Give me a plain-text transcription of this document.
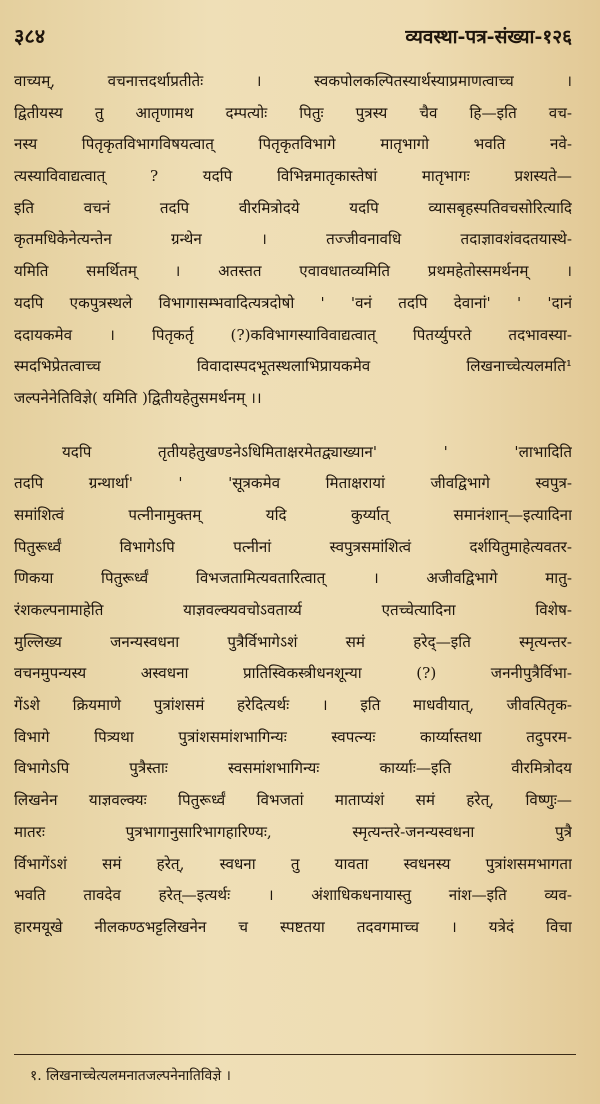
३८४	व्यवस्था-पत्र-संख्या-१२६
वाच्यम्, वचनात्तदर्थाप्रतीतेः । स्वकपोलकल्पितस्यार्थस्याप्रमाणत्वाच्च ।
द्वितीयस्य तु आतृणामथ दम्पत्योः पितुः पुत्रस्य चैव हि—इति वच-
नस्य पितृकृतविभागविषयत्वात् पितृकृतविभागे मातृभागो भवति नवे-
त्यस्याविवाद्यत्वात् ? यदपि विभिन्नमातृकास्तेषां मातृभागः प्रशस्यते—
इति वचनं तदपि वीरमित्रोदये यदपि व्यासबृहस्पतिवचसोरित्यादि
कृतमधिकेनेत्यन्तेन ग्रन्थेन । तज्जीवनावधि तदाज्ञावशंवदतयास्थे-
यमिति समर्थितम् । अतस्तत एवावधातव्यमिति प्रथमहेतोस्समर्थनम् ।
यदपि एकपुत्रस्थले विभागासम्भवादित्यत्रदोषो ' 'वनं तदपि देवानां' ' 'दानं
ददायकमेव । पितृकर्तृ (?)कविभागस्याविवाद्यत्वात् पितर्य्युपरते तदभावस्या-
स्मदभिप्रेतत्वाच्च विवादास्पदभूतस्थलाभिप्रायकमेव लिखनाच्चेत्यलमति¹
जल्पनेनेतिविज्ञे( यमिति )द्वितीयहेतुसमर्थनम् ।।
यदपि तृतीयहेतुखण्डनेऽधिमिताक्षरमेतद्व्याख्यान' ' 'लाभादिति
तदपि ग्रन्थार्था' ' 'सूत्रकमेव मिताक्षरायां जीवद्विभागे स्वपुत्र-
समांशित्वं पत्नीनामुक्तम् यदि कुर्य्यात् समानंशान्—इत्यादिना
पितुरूर्ध्वं विभागेऽपि पत्नीनां स्वपुत्रसमांशित्वं दर्शयितुमाहेत्यवतर-
णिकया पितुरूर्ध्वं विभजतामित्यवतारित्वात् । अजीवद्विभागे मातु-
रंशकल्पनामाहेति याज्ञवल्क्यवचोऽवतार्य्य एतच्चेत्यादिना विशेष-
मुल्लिख्य जनन्यस्वधना पुत्रैर्विभागेऽशं समं हरेद्—इति स्मृत्यन्तर-
वचनमुपन्यस्य अस्वधना प्रातिस्विकस्त्रीधनशून्या (?) जननीपुत्रैर्विभा-
गेंऽशे क्रियमाणे पुत्रांशसमं हरेदित्यर्थः । इति माधवीयात्, जीवत्पितृक-
विभागे पित्र्यथा पुत्रांशसमांशभागिन्यः स्वपत्न्यः कार्य्यास्तथा तदुपरम-
विभागेऽपि पुत्रैस्ताः स्वसमांशभागिन्यः कार्य्याः—इति वीरमित्रोदय
लिखनेन याज्ञवल्क्यः पितुरूर्ध्वं विभजतां माताप्यंशं समं हरेत्, विष्णुः—
मातरः पुत्रभागानुसारिभागहारिण्यः, स्मृत्यन्तरे-जनन्यस्वधना पुत्रै
र्विभागेंऽशं समं हरेत्, स्वधना तु यावता स्वधनस्य पुत्रांशसमभागता
भवति तावदेव हरेत्—इत्यर्थः । अंशाधिकधनायास्तु नांश—इति व्यव-
हारमयूखे नीलकण्ठभट्टलिखनेन च स्पष्टतया तदवगमाच्च । यत्रेदं विचा
१. लिखनाच्चेत्यलमनातजल्पनेनातिविज्ञे ।
